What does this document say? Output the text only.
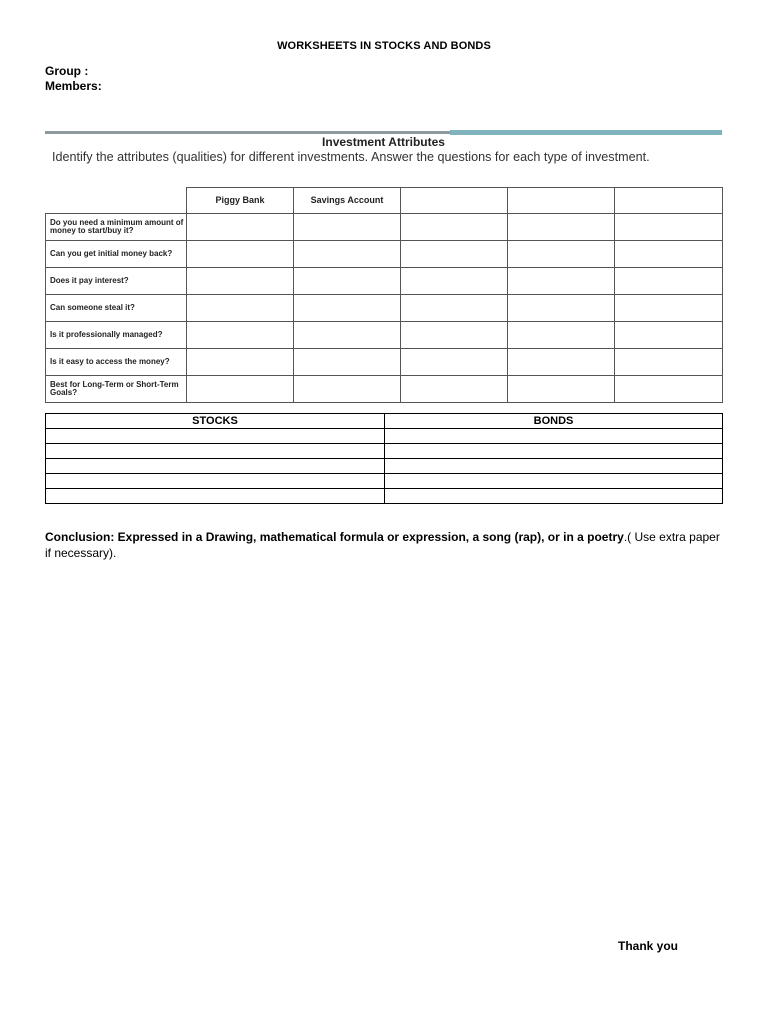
WORKSHEETS IN STOCKS AND BONDS
Group :
Members:
Investment Attributes
Identify the attributes (qualities) for different investments. Answer the questions for each type of investment.
	Piggy Bank	Savings Account			
Do you need a minimum amount of money to start/buy it?					
Can you get initial money back?					
Does it pay interest?					
Can someone steal it?					
Is it professionally managed?					
Is it easy to access the money?					
Best for Long-Term or Short-Term Goals?					
STOCKS	BONDS

Conclusion: Expressed in a Drawing, mathematical formula or expression, a song (rap), or in a poetry.( Use extra paper if necessary).
Thank you
